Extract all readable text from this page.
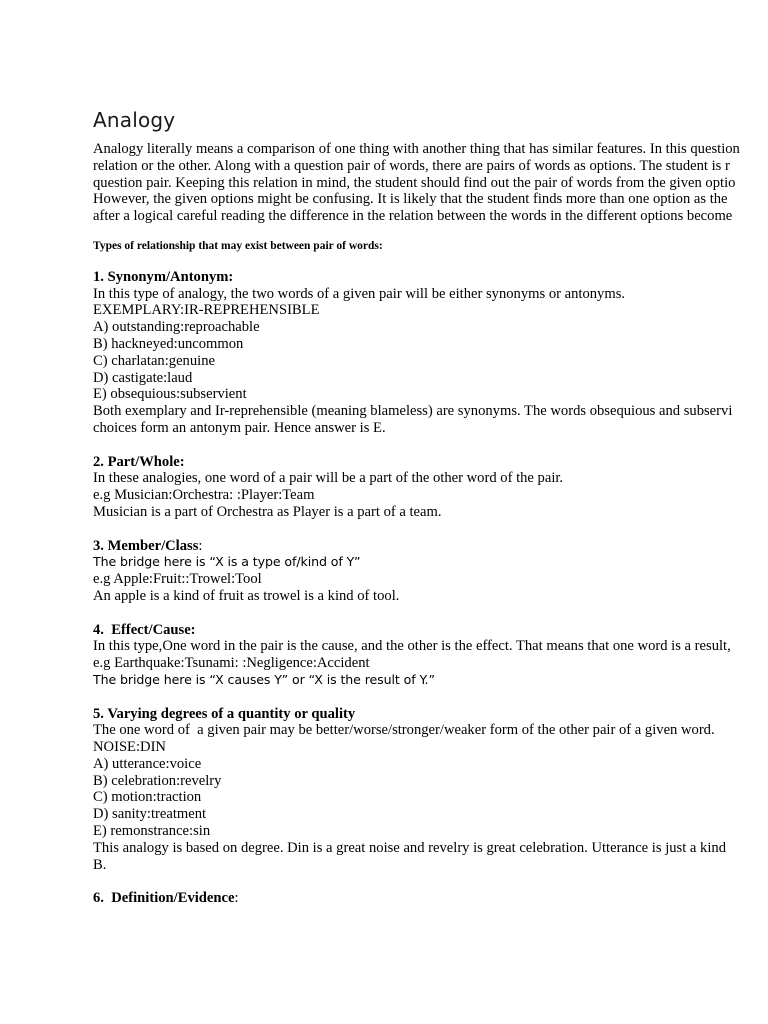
Analogy
Analogy literally means a comparison of one thing with another thing that has similar features. In this question
relation or the other. Along with a question pair of words, there are pairs of words as options. The student is r
question pair. Keeping this relation in mind, the student should find out the pair of words from the given optio
However, the given options might be confusing. It is likely that the student finds more than one option as the
after a logical careful reading the difference in the relation between the words in the different options become
Types of relationship that may exist between pair of words:
1. Synonym/Antonym:
In this type of analogy, the two words of a given pair will be either synonyms or antonyms.
EXEMPLARY:IR-REPREHENSIBLE
A) outstanding:reproachable
B) hackneyed:uncommon
C) charlatan:genuine
D) castigate:laud
E) obsequious:subservient
Both exemplary and Ir-reprehensible (meaning blameless) are synonyms. The words obsequious and subservi
choices form an antonym pair. Hence answer is E.
2. Part/Whole:
In these analogies, one word of a pair will be a part of the other word of the pair.
e.g Musician:Orchestra: :Player:Team
Musician is a part of Orchestra as Player is a part of a team.
3. Member/Class:
The bridge here is “X is a type of/kind of Y”
e.g Apple:Fruit::Trowel:Tool
An apple is a kind of fruit as trowel is a kind of tool.
4.  Effect/Cause:
In this type,One word in the pair is the cause, and the other is the effect. That means that one word is a result,
e.g Earthquake:Tsunami: :Negligence:Accident
The bridge here is “X causes Y” or “X is the result of Y.”
5. Varying degrees of a quantity or quality
The one word of  a given pair may be better/worse/stronger/weaker form of the other pair of a given word.
NOISE:DIN
A) utterance:voice
B) celebration:revelry
C) motion:traction
D) sanity:treatment
E) remonstrance:sin
This analogy is based on degree. Din is a great noise and revelry is great celebration. Utterance is just a kind
B.
6.  Definition/Evidence:
